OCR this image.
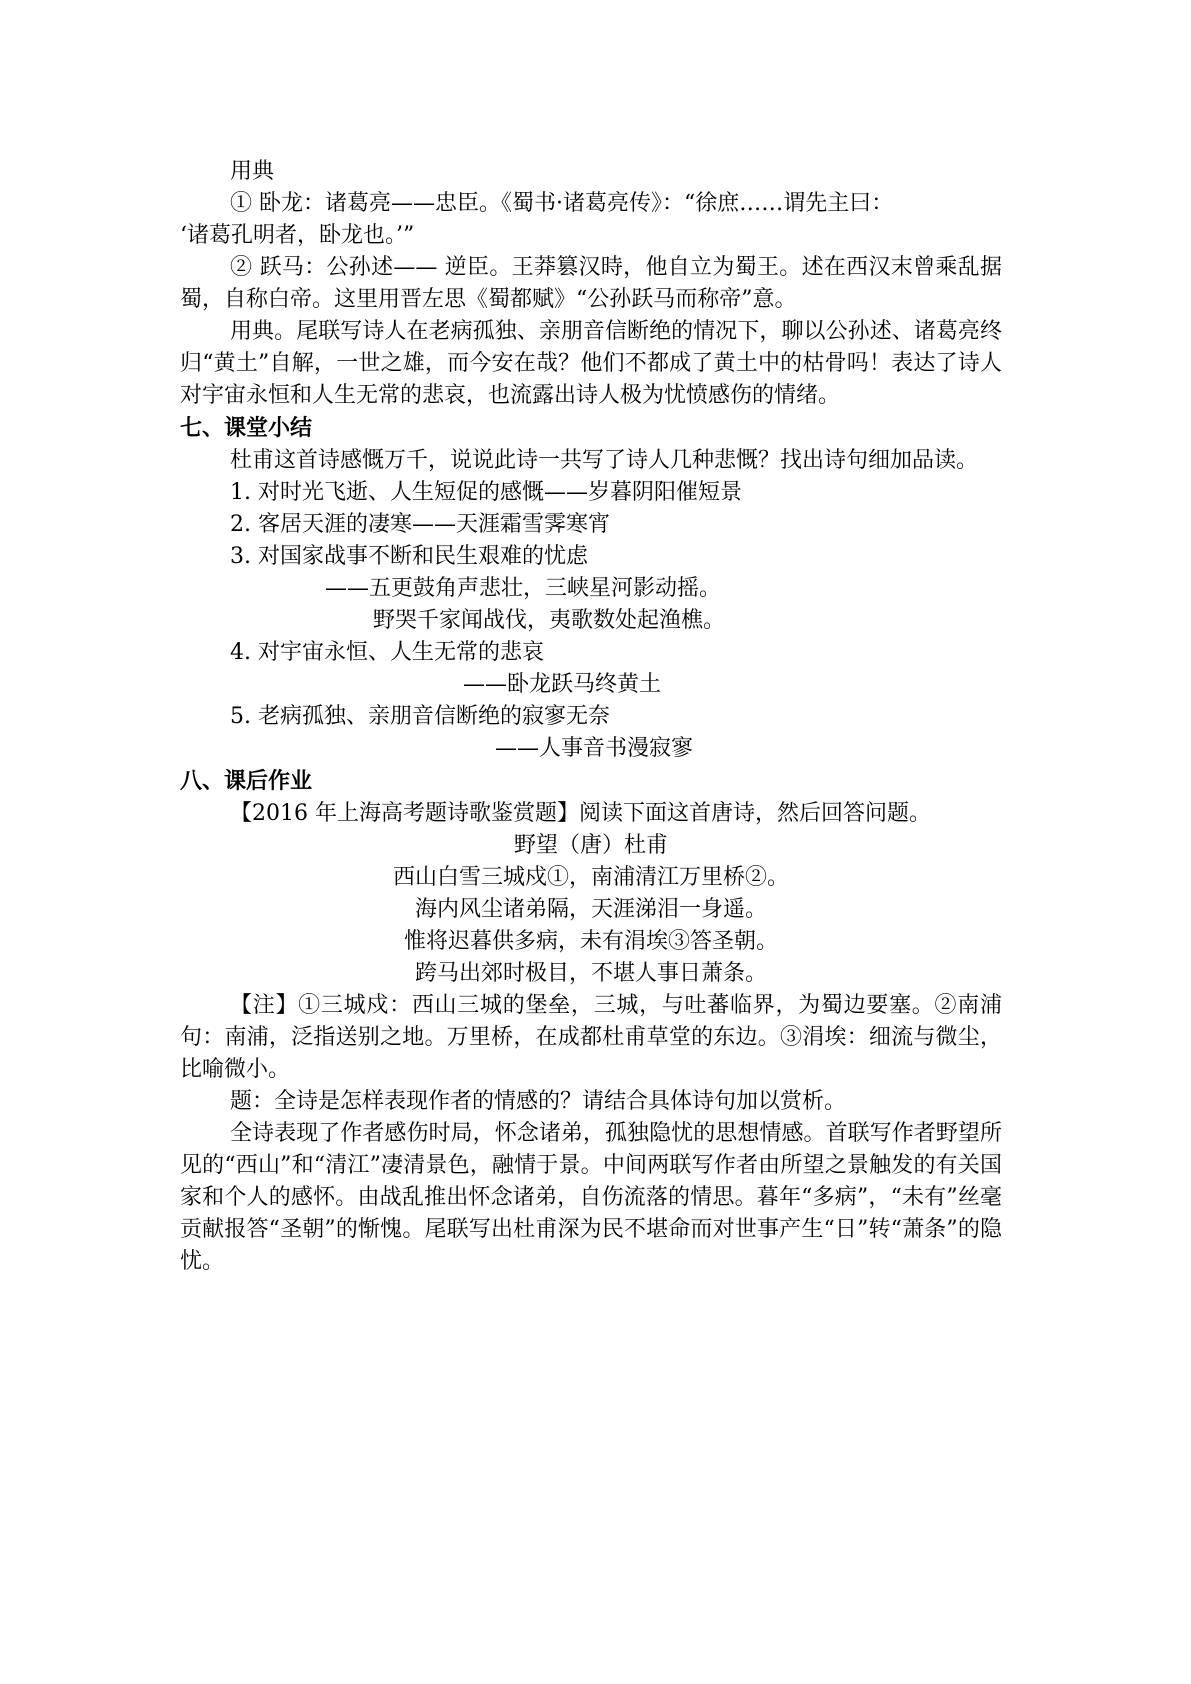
用典

① 卧龙：诸葛亮——忠臣。《蜀书·诸葛亮传》：“徐庶……谓先主曰：

‘诸葛孔明者，卧龙也。’”

② 跃马：公孙述—— 逆臣。王莽篡汉時，他自立为蜀王。述在西汉末曾乘乱据蜀，自称白帝。这里用晋左思《蜀都赋》“公孙跃马而称帝”意。

用典。尾联写诗人在老病孤独、亲朋音信断绝的情况下，聊以公孙述、诸葛亮终归“黄土”自解，一世之雄，而今安在哉？他们不都成了黄土中的枯骨吗！表达了诗人对宇宙永恒和人生无常的悲哀，也流露出诗人极为忧愤感伤的情绪。

七、课堂小结

杜甫这首诗感慨万千，说说此诗一共写了诗人几种悲慨？找出诗句细加品读。

1. 对时光飞逝、人生短促的感慨——岁暮阴阳催短景

2. 客居天涯的凄寒——天涯霜雪霁寒宵

3. 对国家战事不断和民生艰难的忧虑

——五更鼓角声悲壮，三峡星河影动摇。

野哭千家闻战伐，夷歌数处起渔樵。

4. 对宇宙永恒、人生无常的悲哀

——卧龙跃马终黄土

5. 老病孤独、亲朋音信断绝的寂寥无奈

——人事音书漫寂寥

八、课后作业

【2016 年上海高考题诗歌鉴赏题】阅读下面这首唐诗，然后回答问题。

野望（唐）杜甫

西山白雪三城戍①，南浦清江万里桥②。

海内风尘诸弟隔，天涯涕泪一身遥。

惟将迟暮供多病，未有涓埃③答圣朝。

跨马出郊时极目，不堪人事日萧条。

【注】①三城戍：西山三城的堡垒，三城，与吐蕃临界，为蜀边要塞。②南浦句：南浦，泛指送别之地。万里桥，在成都杜甫草堂的东边。③涓埃：细流与微尘，比喻微小。

题：全诗是怎样表现作者的情感的？请结合具体诗句加以赏析。

全诗表现了作者感伤时局，怀念诸弟，孤独隐忧的思想情感。首联写作者野望所见的“西山”和“清江”凄清景色，融情于景。中间两联写作者由所望之景触发的有关国家和个人的感怀。由战乱推出怀念诸弟，自伤流落的情思。暮年“多病”，“未有”丝毫贡献报答“圣朝”的惭愧。尾联写出杜甫深为民不堪命而对世事产生“日”转“萧条”的隐忧。
